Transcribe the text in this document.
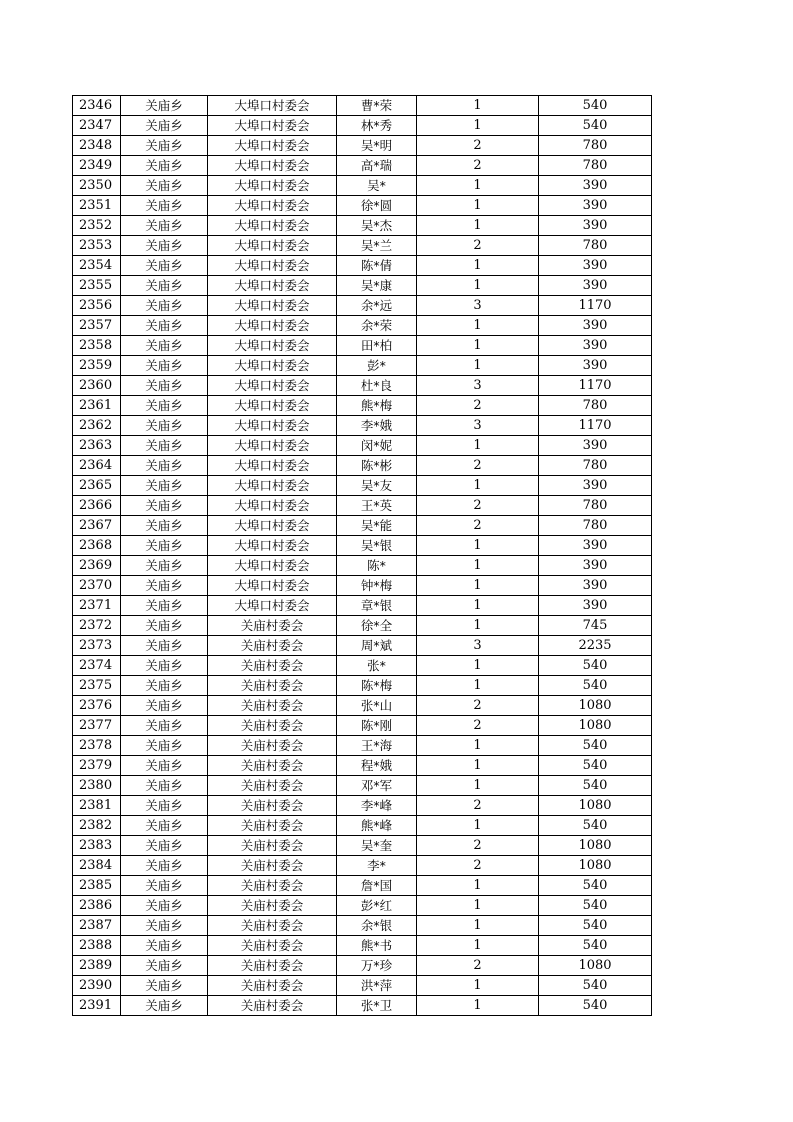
2346	关庙乡	大埠口村委会	曹*荣	1	540
2347	关庙乡	大埠口村委会	林*秀	1	540
2348	关庙乡	大埠口村委会	吴*明	2	780
2349	关庙乡	大埠口村委会	高*瑞	2	780
2350	关庙乡	大埠口村委会	吴*	1	390
2351	关庙乡	大埠口村委会	徐*圆	1	390
2352	关庙乡	大埠口村委会	吴*杰	1	390
2353	关庙乡	大埠口村委会	吴*兰	2	780
2354	关庙乡	大埠口村委会	陈*倩	1	390
2355	关庙乡	大埠口村委会	吴*康	1	390
2356	关庙乡	大埠口村委会	余*远	3	1170
2357	关庙乡	大埠口村委会	余*荣	1	390
2358	关庙乡	大埠口村委会	田*柏	1	390
2359	关庙乡	大埠口村委会	彭*	1	390
2360	关庙乡	大埠口村委会	杜*良	3	1170
2361	关庙乡	大埠口村委会	熊*梅	2	780
2362	关庙乡	大埠口村委会	李*娥	3	1170
2363	关庙乡	大埠口村委会	闵*妮	1	390
2364	关庙乡	大埠口村委会	陈*彬	2	780
2365	关庙乡	大埠口村委会	吴*友	1	390
2366	关庙乡	大埠口村委会	王*英	2	780
2367	关庙乡	大埠口村委会	吴*能	2	780
2368	关庙乡	大埠口村委会	吴*银	1	390
2369	关庙乡	大埠口村委会	陈*	1	390
2370	关庙乡	大埠口村委会	钟*梅	1	390
2371	关庙乡	大埠口村委会	章*银	1	390
2372	关庙乡	关庙村委会	徐*全	1	745
2373	关庙乡	关庙村委会	周*斌	3	2235
2374	关庙乡	关庙村委会	张*	1	540
2375	关庙乡	关庙村委会	陈*梅	1	540
2376	关庙乡	关庙村委会	张*山	2	1080
2377	关庙乡	关庙村委会	陈*刚	2	1080
2378	关庙乡	关庙村委会	王*海	1	540
2379	关庙乡	关庙村委会	程*娥	1	540
2380	关庙乡	关庙村委会	邓*军	1	540
2381	关庙乡	关庙村委会	李*峰	2	1080
2382	关庙乡	关庙村委会	熊*峰	1	540
2383	关庙乡	关庙村委会	吴*奎	2	1080
2384	关庙乡	关庙村委会	李*	2	1080
2385	关庙乡	关庙村委会	詹*国	1	540
2386	关庙乡	关庙村委会	彭*红	1	540
2387	关庙乡	关庙村委会	余*银	1	540
2388	关庙乡	关庙村委会	熊*书	1	540
2389	关庙乡	关庙村委会	万*珍	2	1080
2390	关庙乡	关庙村委会	洪*萍	1	540
2391	关庙乡	关庙村委会	张*卫	1	540
